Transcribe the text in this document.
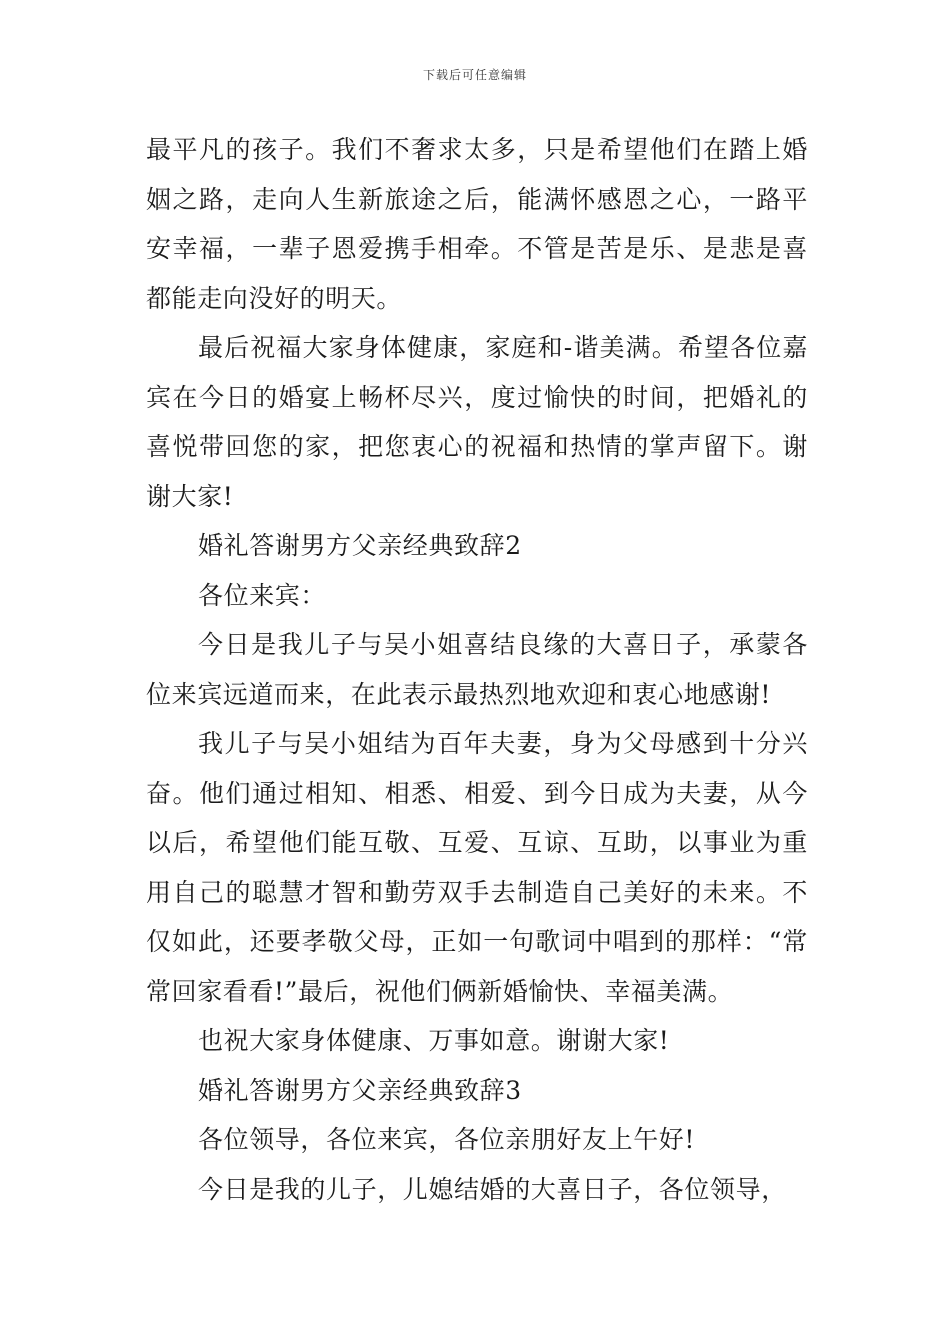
下载后可任意编辑

最平凡的孩子。我们不奢求太多，只是希望他们在踏上婚姻之路，走向人生新旅途之后，能满怀感恩之心，一路平安幸福，一辈子恩爱携手相牵。不管是苦是乐、是悲是喜都能走向没好的明天。

最后祝福大家身体健康，家庭和-谐美满。希望各位嘉宾在今日的婚宴上畅杯尽兴，度过愉快的时间，把婚礼的喜悦带回您的家，把您衷心的祝福和热情的掌声留下。谢谢大家!

婚礼答谢男方父亲经典致辞2

各位来宾：

今日是我儿子与吴小姐喜结良缘的大喜日子，承蒙各位来宾远道而来，在此表示最热烈地欢迎和衷心地感谢!

我儿子与吴小姐结为百年夫妻，身为父母感到十分兴奋。他们通过相知、相悉、相爱、到今日成为夫妻，从今以后，希望他们能互敬、互爱、互谅、互助，以事业为重用自己的聪慧才智和勤劳双手去制造自己美好的未来。不仅如此，还要孝敬父母，正如一句歌词中唱到的那样：“常常回家看看!”最后，祝他们俩新婚愉快、幸福美满。

也祝大家身体健康、万事如意。谢谢大家!

婚礼答谢男方父亲经典致辞3

各位领导，各位来宾，各位亲朋好友上午好!

今日是我的儿子，儿媳结婚的大喜日子，各位领导，
